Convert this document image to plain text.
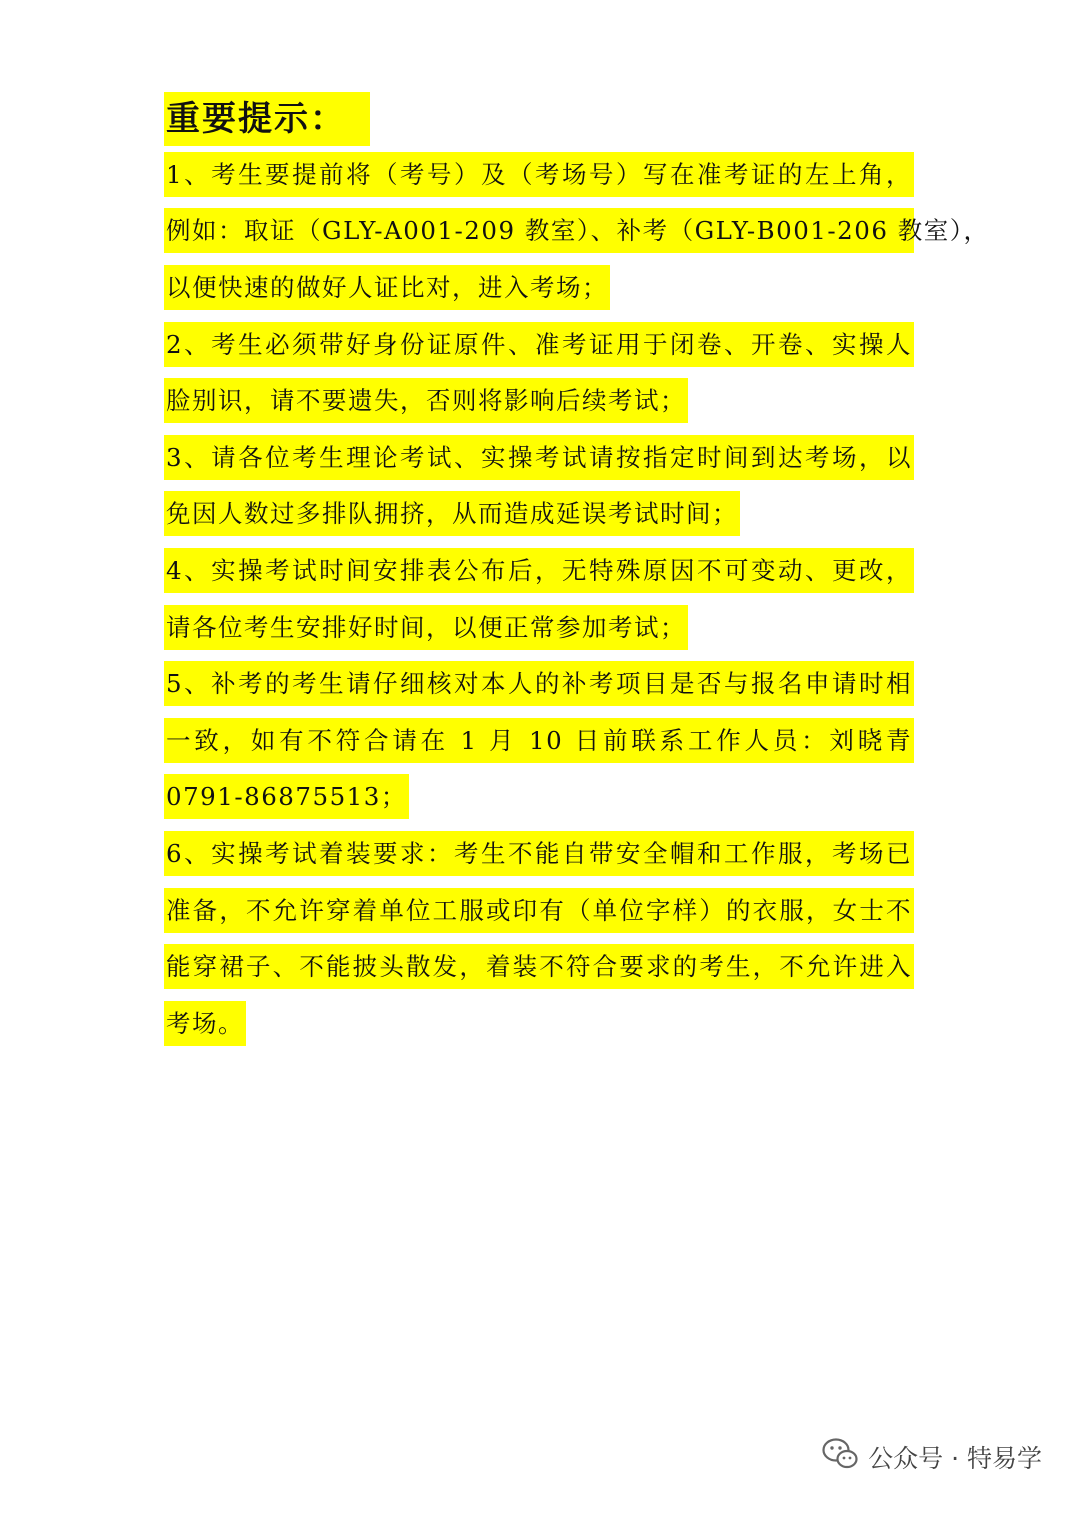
重要提示：
1、考生要提前将（考号）及（考场号）写在准考证的左上角，
例如：取证（GLY-A001-209 教室）、补考（GLY-B001-206 教室），
以便快速的做好人证比对，进入考场；
2、考生必须带好身份证原件、准考证用于闭卷、开卷、实操人
脸别识，请不要遗失，否则将影响后续考试；
3、请各位考生理论考试、实操考试请按指定时间到达考场，以
免因人数过多排队拥挤，从而造成延误考试时间；
4、实操考试时间安排表公布后，无特殊原因不可变动、更改，
请各位考生安排好时间，以便正常参加考试；
5、补考的考生请仔细核对本人的补考项目是否与报名申请时相
一致，如有不符合请在 1 月 10 日前联系工作人员：刘晓青
0791-86875513；
6、实操考试着装要求：考生不能自带安全帽和工作服，考场已
准备，不允许穿着单位工服或印有（单位字样）的衣服，女士不
能穿裙子、不能披头散发，着装不符合要求的考生，不允许进入
考场。
公众号 · 特易学
